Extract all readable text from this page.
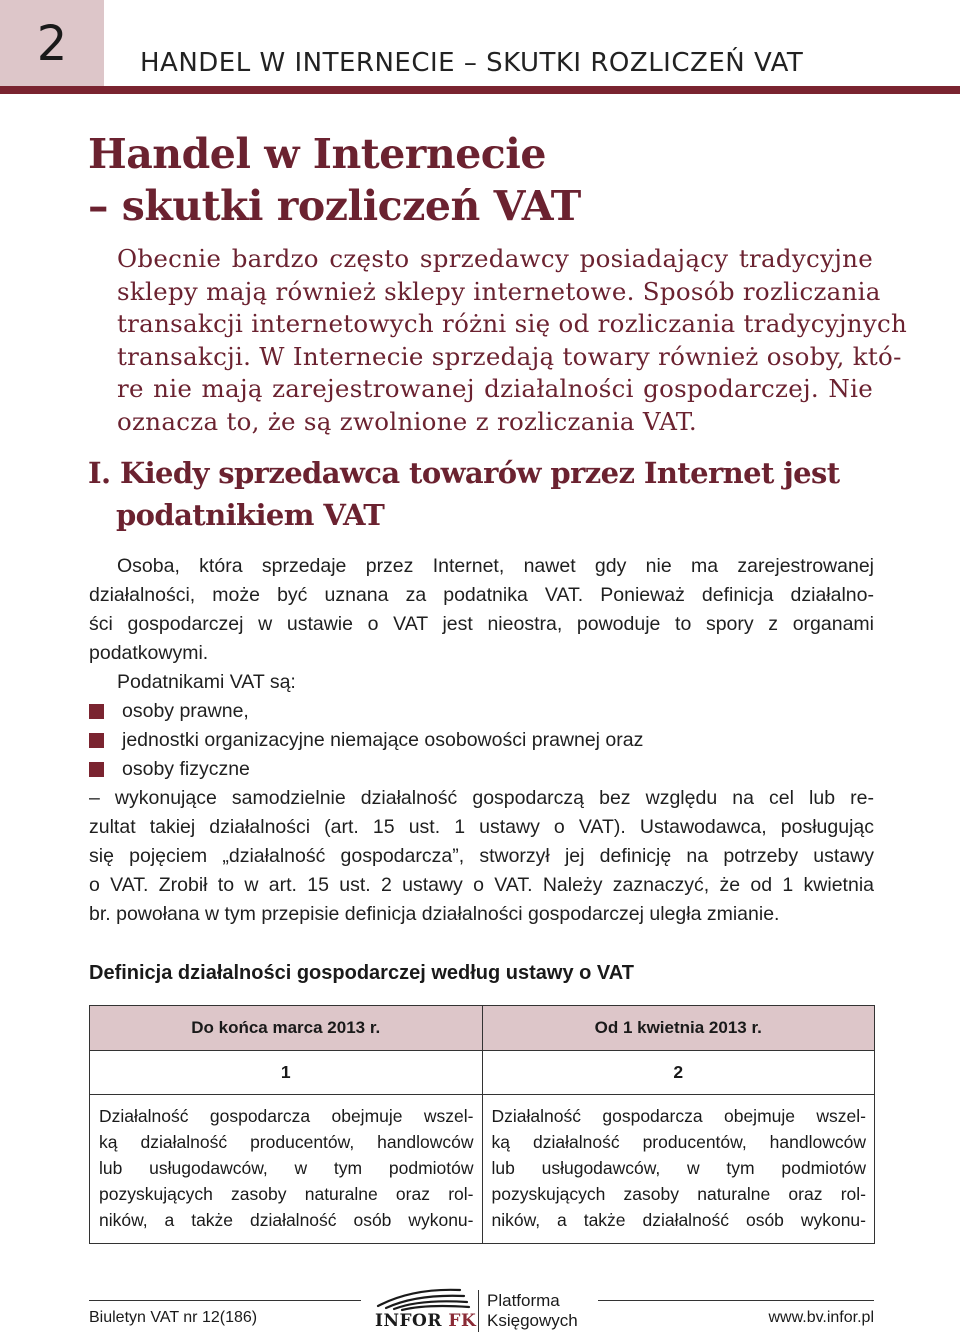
2	HANDEL W INTERNECIE – SKUTKI ROZLICZEŃ VAT
Handel w Internecie
– skutki rozliczeń VAT
Obecnie bardzo często sprzedawcy posiadający tradycyjne
sklepy mają również sklepy internetowe. Sposób rozliczania
transakcji internetowych różni się od rozliczania tradycyjnych
transakcji. W Internecie sprzedają towary również osoby, któ-
re nie mają zarejestrowanej działalności gospodarczej. Nie
oznacza to, że są zwolnione z rozliczania VAT.
I. Kiedy sprzedawca towarów przez Internet jest
podatnikiem VAT
Osoba, która sprzedaje przez Internet, nawet gdy nie ma zarejestrowanej
działalności, może być uznana za podatnika VAT. Ponieważ definicja działalno-
ści gospodarczej w ustawie o VAT jest nieostra, powoduje to spory z organami
podatkowymi.
Podatnikami VAT są:
osoby prawne,
jednostki organizacyjne niemające osobowości prawnej oraz
osoby fizyczne
– wykonujące samodzielnie działalność gospodarczą bez względu na cel lub re-
zultat takiej działalności (art. 15 ust. 1 ustawy o VAT). Ustawodawca, posługując
się pojęciem „działalność gospodarcza”, stworzył jej definicję na potrzeby ustawy
o VAT. Zrobił to w art. 15 ust. 2 ustawy o VAT. Należy zaznaczyć, że od 1 kwietnia
br. powołana w tym przepisie definicja działalności gospodarczej uległa zmianie.
Definicja działalności gospodarczej według ustawy o VAT
Do końca marca 2013 r.	Od 1 kwietnia 2013 r.
1	2

Działalność gospodarcza obejmuje wszel-
ką działalność producentów, handlowców
lub usługodawców, w tym podmiotów
pozyskujących zasoby naturalne oraz rol-
ników, a także działalność osób wykonu-	Działalność gospodarcza obejmuje wszel-
ką działalność producentów, handlowców
lub usługodawców, w tym podmiotów
pozyskujących zasoby naturalne oraz rol-
ników, a także działalność osób wykonu-
Biuletyn VAT nr 12(186)	INFOR FK
Platforma
Księgowych	www.bv.infor.pl
